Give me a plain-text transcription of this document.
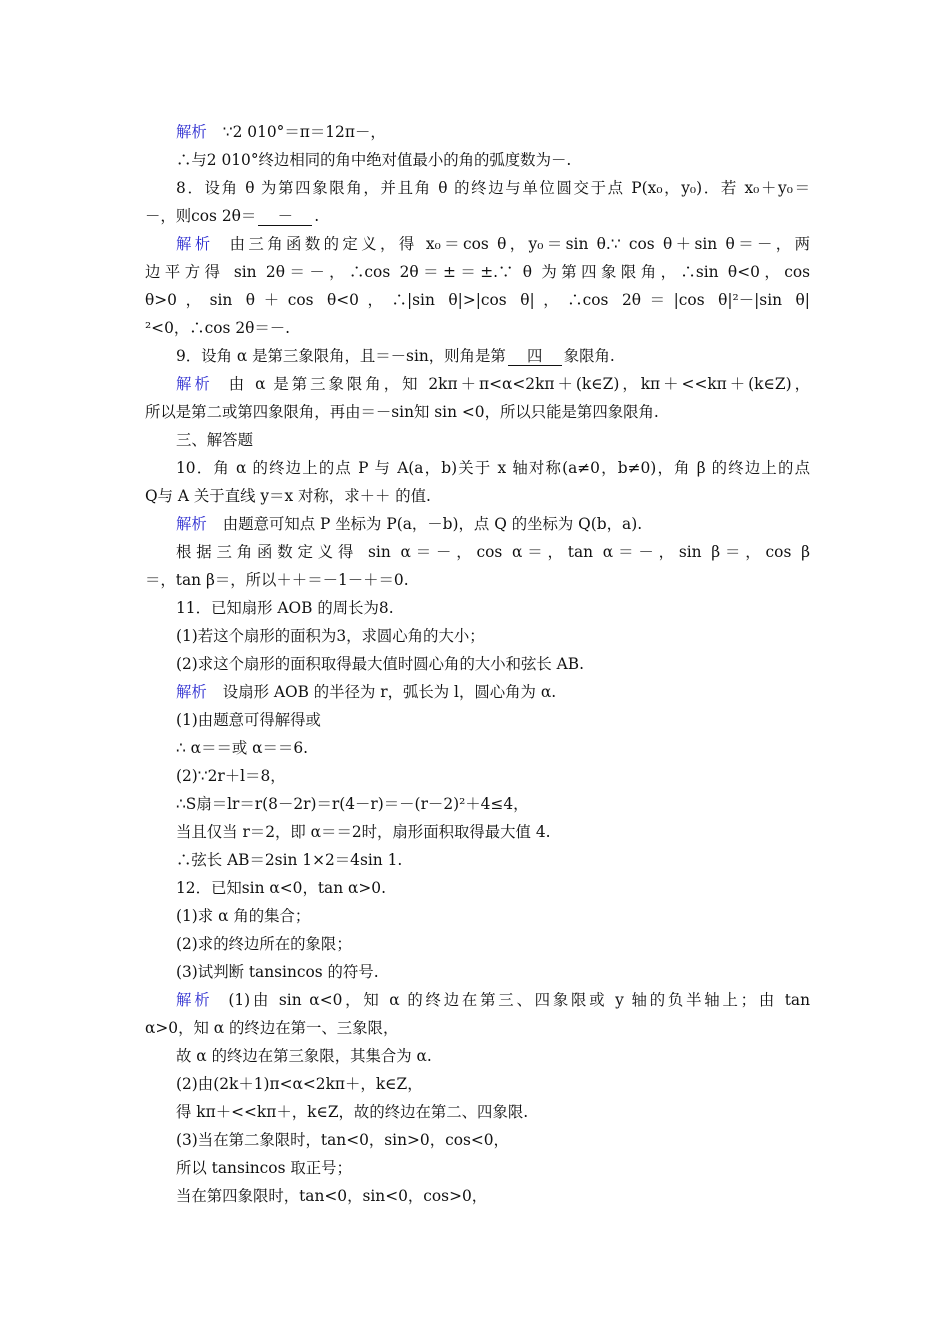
解析 ∵2 010°＝π＝12π－，
∴与2 010°终边相同的角中绝对值最小的角的弧度数为－.
8．设角 θ 为第四象限角，并且角 θ 的终边与单位圆交于点 P(x₀，y₀)．若 x₀＋y₀＝
－，则cos 2θ＝ － .
解析 由三角函数的定义，得 x₀＝cos θ，y₀＝sin θ.∵ cos θ＋sin θ＝－，两
边平方得 sin 2θ＝－，∴cos 2θ＝±＝±.∵ θ 为第四象限角，∴sin θ<0，cos
θ>0，sin θ＋cos θ<0，∴|sin θ|>|cos θ|，∴cos 2θ＝|cos θ|²－|sin θ|
²<0，∴cos 2θ＝－.
9．设角 α 是第三象限角，且＝－sin，则角是第 四 象限角.
解析 由 α 是第三象限角，知 2kπ＋π<α<2kπ＋(k∈Z)，kπ＋<<kπ＋(k∈Z)，
所以是第二或第四象限角，再由＝－sin知 sin <0，所以只能是第四象限角.
三、解答题
10．角 α 的终边上的点 P 与 A(a，b)关于 x 轴对称(a≠0，b≠0)，角 β 的终边上的点
Q与 A 关于直线 y＝x 对称，求＋＋ 的值.
解析 由题意可知点 P 坐标为 P(a，－b)，点 Q 的坐标为 Q(b，a).
根据三角函数定义得 sin α＝－，cos α＝，tan α＝－，sin β＝，cos β
＝，tan β＝，所以＋＋＝－1－＋＝0.
11．已知扇形 AOB 的周长为8.
(1)若这个扇形的面积为3，求圆心角的大小；
(2)求这个扇形的面积取得最大值时圆心角的大小和弦长 AB.
解析 设扇形 AOB 的半径为 r，弧长为 l，圆心角为 α.
(1)由题意可得解得或
∴ α＝＝或 α＝＝6.
(2)∵2r＋l＝8，
∴S扇＝lr＝r(8－2r)＝r(4－r)＝－(r－2)²＋4≤4，
当且仅当 r＝2，即 α＝＝2时，扇形面积取得最大值 4.
∴弦长 AB＝2sin 1×2＝4sin 1.
12．已知sin α<0，tan α>0.
(1)求 α 角的集合；
(2)求的终边所在的象限；
(3)试判断 tansincos 的符号.
解析 (1)由 sin α<0，知 α 的终边在第三、四象限或 y 轴的负半轴上；由 tan
α>0，知 α 的终边在第一、三象限，
故 α 的终边在第三象限，其集合为 α.
(2)由(2k＋1)π<α<2kπ＋，k∈Z，
得 kπ＋<<kπ＋，k∈Z，故的终边在第二、四象限.
(3)当在第二象限时，tan<0，sin>0，cos<0，
所以 tansincos 取正号；
当在第四象限时，tan<0，sin<0，cos>0，
